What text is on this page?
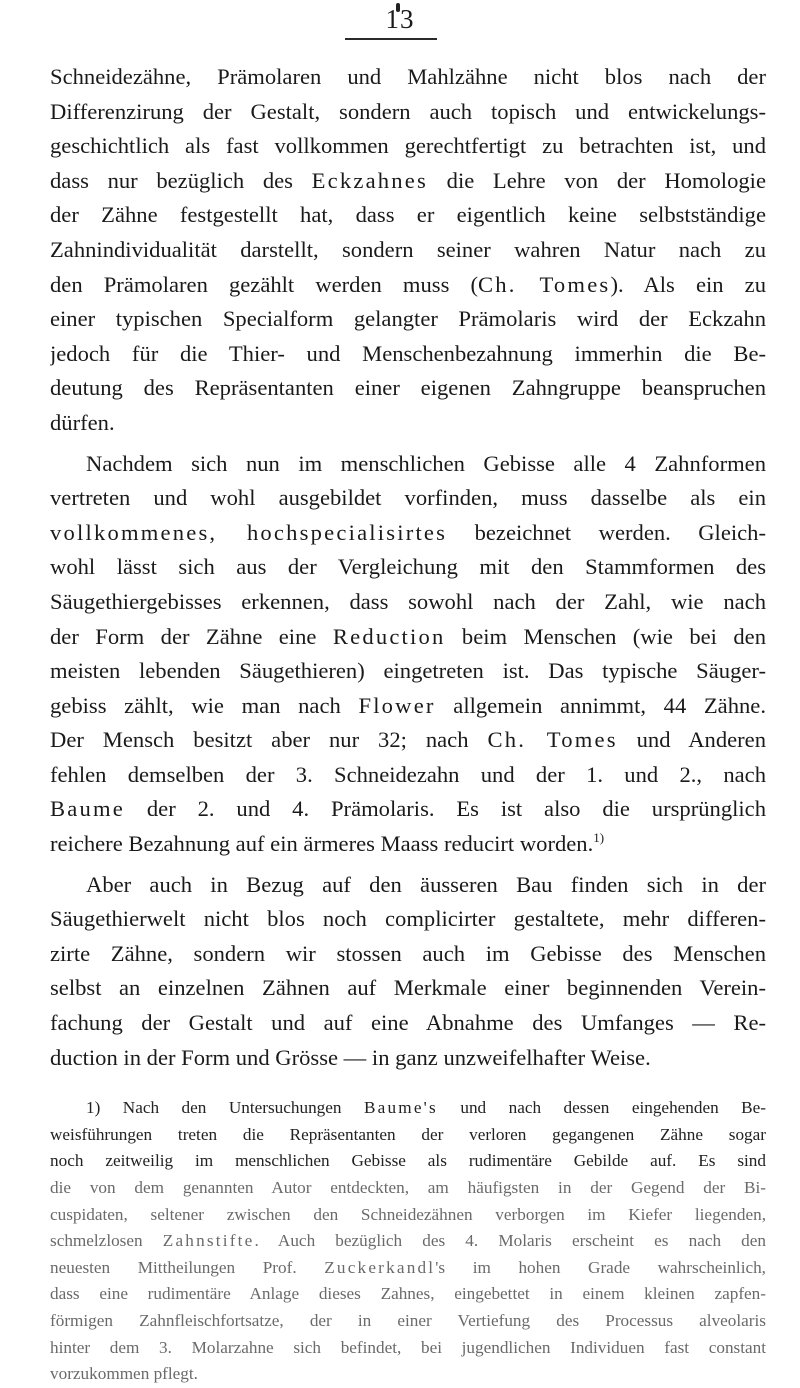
13
Schneidezähne, Prämolaren und Mahlzähne nicht blos nach der
Differenzirung der Gestalt, sondern auch topisch und entwickelungs-
geschichtlich als fast vollkommen gerechtfertigt zu betrachten ist, und
dass nur bezüglich des Eckzahnes die Lehre von der Homologie
der Zähne festgestellt hat, dass er eigentlich keine selbstständige
Zahnindividualität darstellt, sondern seiner wahren Natur nach zu
den Prämolaren gezählt werden muss (Ch. Tomes). Als ein zu
einer typischen Specialform gelangter Prämolaris wird der Eckzahn
jedoch für die Thier- und Menschenbezahnung immerhin die Be-
deutung des Repräsentanten einer eigenen Zahngruppe beanspruchen
dürfen.
Nachdem sich nun im menschlichen Gebisse alle 4 Zahnformen
vertreten und wohl ausgebildet vorfinden, muss dasselbe als ein
vollkommenes, hochspecialisirtes bezeichnet werden. Gleich-
wohl lässt sich aus der Vergleichung mit den Stammformen des
Säugethiergebisses erkennen, dass sowohl nach der Zahl, wie nach
der Form der Zähne eine Reduction beim Menschen (wie bei den
meisten lebenden Säugethieren) eingetreten ist. Das typische Säuger-
gebiss zählt, wie man nach Flower allgemein annimmt, 44 Zähne.
Der Mensch besitzt aber nur 32; nach Ch. Tomes und Anderen
fehlen demselben der 3. Schneidezahn und der 1. und 2., nach
Baume der 2. und 4. Prämolaris. Es ist also die ursprünglich
reichere Bezahnung auf ein ärmeres Maass reducirt worden.$^{1)}$
Aber auch in Bezug auf den äusseren Bau finden sich in der
Säugethierwelt nicht blos noch complicirter gestaltete, mehr differen-
zirte Zähne, sondern wir stossen auch im Gebisse des Menschen
selbst an einzelnen Zähnen auf Merkmale einer beginnenden Verein-
fachung der Gestalt und auf eine Abnahme des Umfanges — Re-
duction in der Form und Grösse — in ganz unzweifelhafter Weise.
1) Nach den Untersuchungen Baume's und nach dessen eingehenden Be-
weisführungen treten die Repräsentanten der verloren gegangenen Zähne sogar
noch zeitweilig im menschlichen Gebisse als rudimentäre Gebilde auf. Es sind
die von dem genannten Autor entdeckten, am häufigsten in der Gegend der Bi-
cuspidaten, seltener zwischen den Schneidezähnen verborgen im Kiefer liegenden,
schmelzlosen Zahnstifte. Auch bezüglich des 4. Molaris erscheint es nach den
neuesten Mittheilungen Prof. Zuckerkandl's im hohen Grade wahrscheinlich,
dass eine rudimentäre Anlage dieses Zahnes, eingebettet in einem kleinen zapfen-
förmigen Zahnfleischfortsatze, der in einer Vertiefung des Processus alveolaris
hinter dem 3. Molarzahne sich befindet, bei jugendlichen Individuen fast constant
vorzukommen pflegt.
